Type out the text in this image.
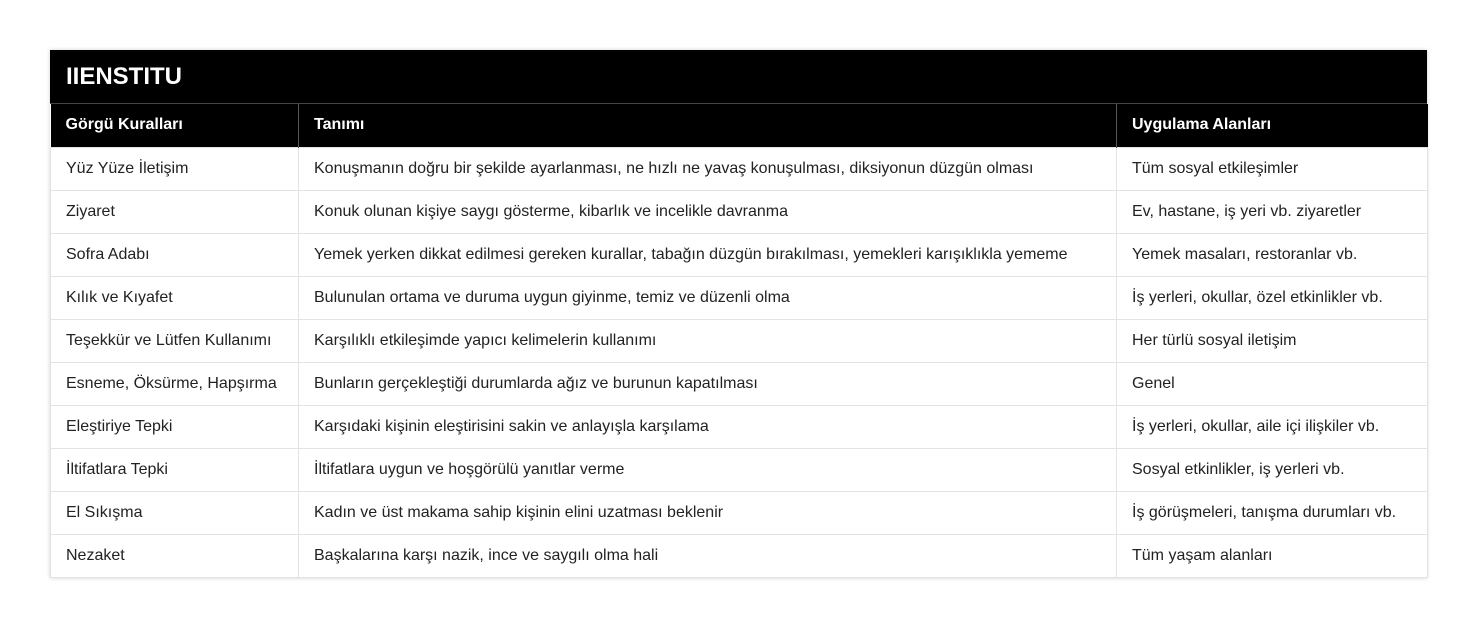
IIENSTITU
Görgü Kuralları	Tanımı	Uygulama Alanları
Yüz Yüze İletişim	Konuşmanın doğru bir şekilde ayarlanması, ne hızlı ne yavaş konuşulması, diksiyonun düzgün olması	Tüm sosyal etkileşimler
Ziyaret	Konuk olunan kişiye saygı gösterme, kibarlık ve incelikle davranma	Ev, hastane, iş yeri vb. ziyaretler
Sofra Adabı	Yemek yerken dikkat edilmesi gereken kurallar, tabağın düzgün bırakılması, yemekleri karışıklıkla yememe	Yemek masaları, restoranlar vb.
Kılık ve Kıyafet	Bulunulan ortama ve duruma uygun giyinme, temiz ve düzenli olma	İş yerleri, okullar, özel etkinlikler vb.
Teşekkür ve Lütfen Kullanımı	Karşılıklı etkileşimde yapıcı kelimelerin kullanımı	Her türlü sosyal iletişim
Esneme, Öksürme, Hapşırma	Bunların gerçekleştiği durumlarda ağız ve burunun kapatılması	Genel
Eleştiriye Tepki	Karşıdaki kişinin eleştirisini sakin ve anlayışla karşılama	İş yerleri, okullar, aile içi ilişkiler vb.
İltifatlara Tepki	İltifatlara uygun ve hoşgörülü yanıtlar verme	Sosyal etkinlikler, iş yerleri vb.
El Sıkışma	Kadın ve üst makama sahip kişinin elini uzatması beklenir	İş görüşmeleri, tanışma durumları vb.
Nezaket	Başkalarına karşı nazik, ince ve saygılı olma hali	Tüm yaşam alanları
